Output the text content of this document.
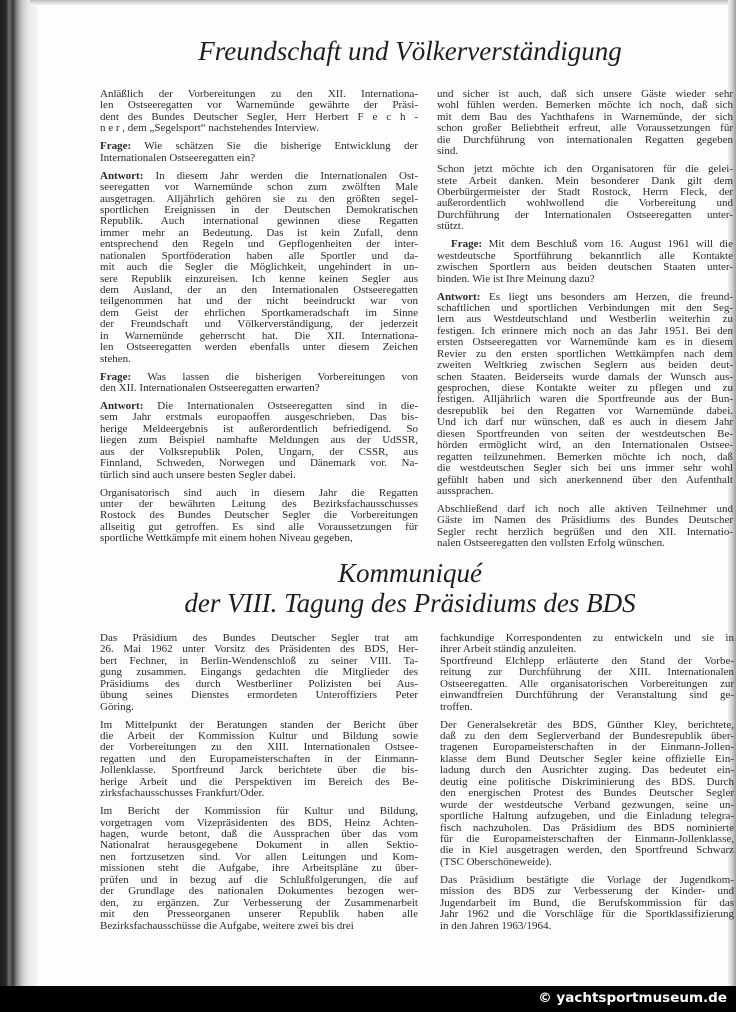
Freundschaft und Völkerverständigung
Anläßlich der Vorbereitungen zu den XII. Internationa-
len Ostseeregatten vor Warnemünde gewährte der Präsi-
dent des Bundes Deutscher Segler, Herr Herbert F e c h -
n e r , dem „Segelsport“ nachstehendes Interview.
Frage: Wie schätzen Sie die bisherige Entwicklung der
Internationalen Ostseeregatten ein?
Antwort: In diesem Jahr werden die Internationalen Ost-
seeregatten vor Warnemünde schon zum zwölften Male
ausgetragen. Alljährlich gehören sie zu den größten segel-
sportlichen Ereignissen in der Deutschen Demokratischen
Republik. Auch international gewinnen diese Regatten
immer mehr an Bedeutung. Das ist kein Zufall, denn
entsprechend den Regeln und Gepflogenheiten der inter-
nationalen Sportföderation haben alle Sportler und da-
mit auch die Segler die Möglichkeit, ungehindert in un-
sere Republik einzureisen. Ich kenne keinen Segler aus
dem Ausland, der an den Internationalen Ostseeregatten
teilgenommen hat und der nicht beeindruckt war von
dem Geist der ehrlichen Sportkameradschaft im Sinne
der Freundschaft und Völkerverständigung, der jederzeit
in Warnemünde geherrscht hat. Die XII. Internationa-
len Ostseeregatten werden ebenfalls unter diesem Zeichen
stehen.
Frage: Was lassen die bisherigen Vorbereitungen von
den XII. Internationalen Ostseeregatten erwarten?
Antwort: Die Internationalen Ostseeregatten sind in die-
sem Jahr erstmals europaoffen ausgeschrieben. Das bis-
herige Meldeergebnis ist außerordentlich befriedigend. So
liegen zum Beispiel namhafte Meldungen aus der UdSSR,
aus der Volksrepublik Polen, Ungarn, der CSSR, aus
Finnland, Schweden, Norwegen und Dänemark vor. Na-
türlich sind auch unsere besten Segler dabei.
Organisatorisch sind auch in diesem Jahr die Regatten
unter der bewährten Leitung des Bezirksfachausschusses
Rostock des Bundes Deutscher Segler die Vorbereitungen
allseitig gut getroffen. Es sind alle Voraussetzungen für
sportliche Wettkämpfe mit einem hohen Niveau gegeben,
und sicher ist auch, daß sich unsere Gäste wieder sehr
wohl fühlen werden. Bemerken möchte ich noch, daß sich
mit dem Bau des Yachthafens in Warnemünde, der sich
schon großer Beliebtheit erfreut, alle Voraussetzungen für
die Durchführung von internationalen Regatten gegeben
sind.
Schon jetzt möchte ich den Organisatoren für die gelei-
stete Arbeit danken. Mein besonderer Dank gilt dem
Oberbürgermeister der Stadt Rostock, Herrn Fleck, der
außerordentlich wohlwollend die Vorbereitung und
Durchführung der Internationalen Ostseeregatten unter-
stützt.
Frage: Mit dem Beschluß vom 16. August 1961 will die
westdeutsche Sportführung bekanntlich alle Kontakte
zwischen Sportlern aus beiden deutschen Staaten unter-
binden. Wie ist Ihre Meinung dazu?
Antwort: Es liegt uns besonders am Herzen, die freund-
schaftlichen und sportlichen Verbindungen mit den Seg-
lern aus Westdeutschland und Westberlin weiterhin zu
festigen. Ich erinnere mich noch an das Jahr 1951. Bei den
ersten Ostseeregatten vor Warnemünde kam es in diesem
Revier zu den ersten sportlichen Wettkämpfen nach dem
zweiten Weltkrieg zwischen Seglern aus beiden deut-
schen Staaten. Beiderseits wurde damals der Wunsch aus-
gesprochen, diese Kontakte weiter zu pflegen und zu
festigen. Alljährlich waren die Sportfreunde aus der Bun-
desrepublik bei den Regatten vor Warnemünde dabei.
Und ich darf nur wünschen, daß es auch in diesem Jahr
diesen Sportfreunden von seiten der westdeutschen Be-
hörden ermöglicht wird, an den Internationalen Ostsee-
regatten teilzunehmen. Bemerken möchte ich noch, daß
die westdeutschen Segler sich bei uns immer sehr wohl
gefühlt haben und sich anerkennend über den Aufenthalt
aussprachen.
Abschließend darf ich noch alle aktiven Teilnehmer und
Gäste im Namen des Präsidiums des Bundes Deutscher
Segler recht herzlich begrüßen und den XII. Internatio-
nalen Ostseeregatten den vollsten Erfolg wünschen.
Kommuniqué
der VIII. Tagung des Präsidiums des BDS
Das Präsidium des Bundes Deutscher Segler trat am
26. Mai 1962 unter Vorsitz des Präsidenten des BDS, Her-
bert Fechner, in Berlin-Wendenschloß zu seiner VIII. Ta-
gung zusammen. Eingangs gedachten die Mitglieder des
Präsidiums des durch Westberliner Polizisten bei Aus-
übung seines Dienstes ermordeten Unteroffiziers Peter
Göring.
Im Mittelpunkt der Beratungen standen der Bericht über
die Arbeit der Kommission Kultur und Bildung sowie
der Vorbereitungen zu den XIII. Internationalen Ostsee-
regatten und den Europameisterschaften in der Einmann-
Jollenklasse. Sportfreund Jarck berichtete über die bis-
herige Arbeit und die Perspektiven im Bereich des Be-
zirksfachausschusses Frankfurt/Oder.
Im Bericht der Kommission für Kultur und Bildung,
vorgetragen vom Vizepräsidenten des BDS, Heinz Achten-
hagen, wurde betont, daß die Aussprachen über das vom
Nationalrat herausgegebene Dokument in allen Sektio-
nen fortzusetzen sind. Vor allen Leitungen und Kom-
missionen steht die Aufgabe, ihre Arbeitspläne zu über-
prüfen und in bezug auf die Schlußfolgerungen, die auf
der Grundlage des nationalen Dokumentes bezogen wer-
den, zu ergänzen. Zur Verbesserung der Zusammenarbeit
mit den Presseorganen unserer Republik haben alle
Bezirksfachausschüsse die Aufgabe, weitere zwei bis drei
fachkundige Korrespondenten zu entwickeln und sie in
ihrer Arbeit ständig anzuleiten.
Sportfreund Elchlepp erläuterte den Stand der Vorbe-
reitung zur Durchführung der XIII. Internationalen
Ostseeregatten. Alle organisatorischen Vorbereitungen zur
einwandfreien Durchführung der Veranstaltung sind ge-
troffen.
Der Generalsekretär des BDS, Günther Kley, berichtete,
daß zu den dem Seglerverband der Bundesrepublik über-
tragenen Europameisterschaften in der Einmann-Jollen-
klasse dem Bund Deutscher Segler keine offizielle Ein-
ladung durch den Ausrichter zuging. Das bedeutet ein-
deutig eine politische Diskriminierung des BDS. Durch
den energischen Protest des Bundes Deutscher Segler
wurde der westdeutsche Verband gezwungen, seine un-
sportliche Haltung aufzugeben, und die Einladung telegra-
fisch nachzuholen. Das Präsidium des BDS nominierte
für die Europameisterschaften der Einmann-Jollenklasse,
die in Kiel ausgetragen werden, den Sportfreund Schwarz
(TSC Oberschöneweide).
Das Präsidium bestätigte die Vorlage der Jugendkom-
mission des BDS zur Verbesserung der Kinder- und
Jugendarbeit im Bund, die Berufskommission für das
Jahr 1962 und die Vorschläge für die Sportklassifizierung
in den Jahren 1963/1964.
© yachtsportmuseum.de
